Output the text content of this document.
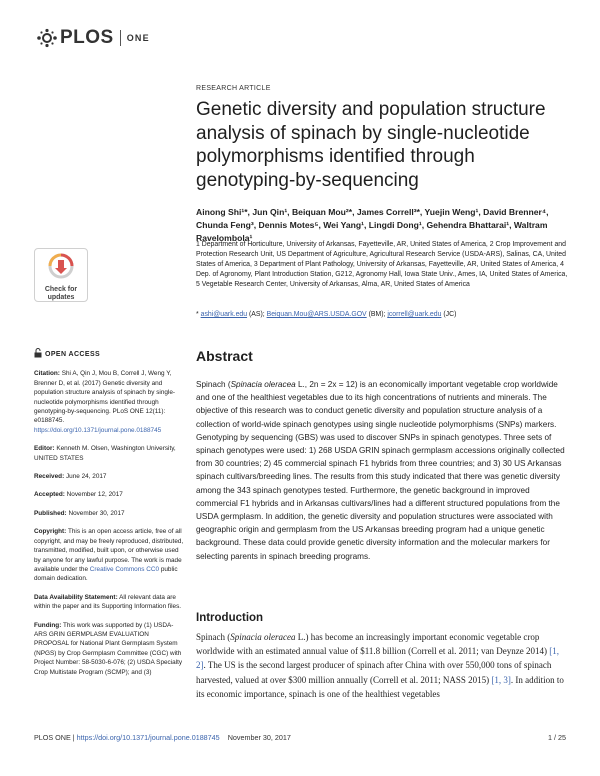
PLOS ONE
Check for
updates
OPEN ACCESS
Citation: Shi A, Qin J, Mou B, Correll J, Weng Y, Brenner D, et al. (2017) Genetic diversity and population structure analysis of spinach by single-nucleotide polymorphisms identified through genotyping-by-sequencing. PLoS ONE 12(11): e0188745. https://doi.org/10.1371/journal.pone.0188745
Editor: Kenneth M. Olsen, Washington University, UNITED STATES
Received: June 24, 2017
Accepted: November 12, 2017
Published: November 30, 2017
Copyright: This is an open access article, free of all copyright, and may be freely reproduced, distributed, transmitted, modified, built upon, or otherwise used by anyone for any lawful purpose. The work is made available under the Creative Commons CC0 public domain dedication.
Data Availability Statement: All relevant data are within the paper and its Supporting Information files.
Funding: This work was supported by (1) USDA-ARS GRIN GERMPLASM EVALUATION PROPOSAL for National Plant Germplasm System (NPGS) by Crop Germplasm Committee (CGC) with Project Number: 58-5030-6-076; (2) USDA Specialty Crop Multistate Program (SCMP); and (3)
RESEARCH ARTICLE
Genetic diversity and population structure analysis of spinach by single-nucleotide polymorphisms identified through genotyping-by-sequencing
Ainong Shi¹*, Jun Qin¹, Beiquan Mou²*, James Correll³*, Yuejin Weng¹, David Brenner⁴, Chunda Feng³, Dennis Motes⁵, Wei Yang¹, Lingdi Dong¹, Gehendra Bhattarai¹, Waltram Ravelombola¹
1 Department of Horticulture, University of Arkansas, Fayetteville, AR, United States of America, 2 Crop Improvement and Protection Research Unit, US Department of Agriculture, Agricultural Research Service (USDA-ARS), Salinas, CA, United States of America, 3 Department of Plant Pathology, University of Arkansas, Fayetteville, AR, United States of America, 4 Dep. of Agronomy, Plant Introduction Station, G212, Agronomy Hall, Iowa State Univ., Ames, IA, United States of America, 5 Vegetable Research Center, University of Arkansas, Alma, AR, United States of America
* ashi@uark.edu (AS); Beiquan.Mou@ARS.USDA.GOV (BM); jcorrell@uark.edu (JC)
Abstract

Spinach (Spinacia oleracea L., 2n = 2x = 12) is an economically important vegetable crop worldwide and one of the healthiest vegetables due to its high concentrations of nutrients and minerals. The objective of this research was to conduct genetic diversity and population structure analysis of a collection of world-wide spinach genotypes using single nucleotide polymorphisms (SNPs) markers. Genotyping by sequencing (GBS) was used to discover SNPs in spinach genotypes. Three sets of spinach genotypes were used: 1) 268 USDA GRIN spinach germplasm accessions originally collected from 30 countries; 2) 45 commercial spinach F1 hybrids from three countries; and 3) 30 US Arkansas spinach cultivars/breeding lines. The results from this study indicated that there was genetic diversity among the 343 spinach genotypes tested. Furthermore, the genetic background in improved commercial F1 hybrids and in Arkansas cultivars/lines had a different structured populations from the USDA germplasm. In addition, the genetic diversity and population structures were associated with geographic origin and germplasm from the US Arkansas breeding program had a unique genetic background. These data could provide genetic diversity information and the molecular markers for selecting parents in spinach breeding programs.

Introduction

Spinach (Spinacia oleracea L.) has become an increasingly important economic vegetable crop worldwide with an estimated annual value of $11.8 billion (Correll et al. 2011; van Deynze 2014) [1, 2]. The US is the second largest producer of spinach after China with over 550,000 tons of spinach harvested, valued at over $300 million annually (Correll et al. 2011; NASS 2015) [1, 3]. In addition to its economic importance, spinach is one of the healthiest vegetables

PLOS ONE | https://doi.org/10.1371/journal.pone.0188745 November 30, 2017	1 / 25
